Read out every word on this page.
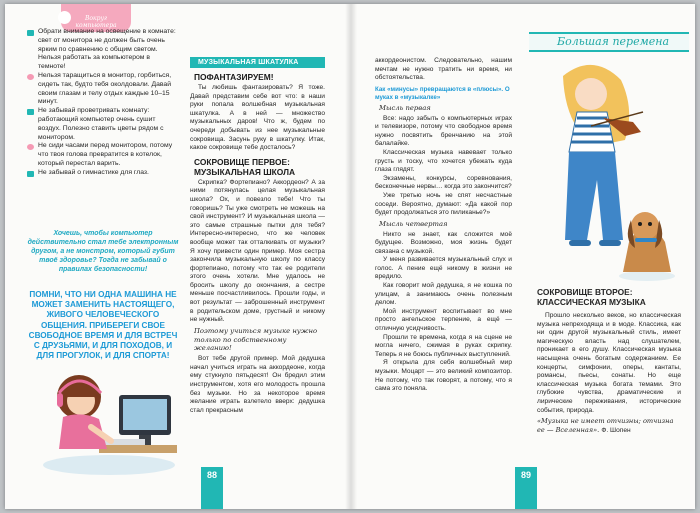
Вокруг компьютера
Обрати внимание на освещение в комнате: свет от монитора не должен быть очень ярким по сравнению с общим светом. Нельзя работать за компьютером в темноте!
Нельзя таращиться в монитор, горбиться, сидеть так, будто тебя околдовали. Давай своим глазам и телу отдых каждые 10–15 минут.
Не забывай проветривать комнату: работающий компьютер очень сушит воздух. Полезно ставить цветы рядом с монитором.
Не сиди часами перед монитором, потому что твоя голова превратится в котелок, который перестал варить.
Не забывай о гимнастике для глаз.
Хочешь, чтобы компьютер действительно стал тебе электронным другом, а не монстром, который губит твоё здоровье? Тогда не забывай о правилах безопасности!
ПОМНИ, ЧТО НИ ОДНА МАШИНА НЕ МОЖЕТ ЗАМЕНИТЬ НАСТОЯЩЕГО, ЖИВОГО ЧЕЛОВЕЧЕСКОГО ОБЩЕНИЯ. ПРИБЕРЕГИ СВОЕ СВОБОДНОЕ ВРЕМЯ И ДЛЯ ВСТРЕЧ С ДРУЗЬЯМИ, И ДЛЯ ПОХОДОВ, И ДЛЯ ПРОГУЛОК, И ДЛЯ СПОРТА!
МУЗЫКАЛЬНАЯ ШКАТУЛКА
ПОФАНТАЗИРУЕМ!
Ты любишь фантазировать? Я тоже. Давай представим себе вот что: в наши руки попала волшебная музыкальная шкатулка. А в ней — множество музыкальных даров! Что ж, будем по очереди добывать из нее музыкальные сокровища. Засунь руку в шкатулку. Итак, какое сокровище тебе досталось?
СОКРОВИЩЕ ПЕРВОЕ: МУЗЫКАЛЬНАЯ ШКОЛА
Скрипка? Фортепиано? Аккордеон? А за ними потянулась целая музыкальная школа? Ох, и повезло тебе! Что ты говоришь? Ты уже смотреть не можешь на свой инструмент? И музыкальная школа — это самые страшные пытки для тебя? Интересно-интересно, что же человек вообще может так отталкивать от музыки? Я хочу привести один пример. Моя сестра закончила музыкальную школу по классу фортепиано, потому что так ее родители этого очень хотели. Мне удалось не бросить школу до окончания, а сестре меньше посчастливилось. Прошли годы, и вот результат — заброшенный инструмент в родительском доме, грустный и никому не нужный.
Поэтому учиться музыке нужно только по собственному желанию!
Вот тебе другой пример. Мой дедушка начал учиться играть на аккордеоне, когда ему стукнуло пятьдесят! Он бредил этим инструментом, хотя его молодость прошла без музыки. Но за некоторое время желание играть взлетело вверх: дедушка стал прекрасным
88
Большая перемена
аккордеонистом. Следовательно, нашим мечтам не нужно тратить ни время, ни обстоятельства.
Как «минусы» превращаются в «плюсы». О муках в «музыкалке»
Мысль первая
Все: надо забыть о компьютерных играх и телевизоре, потому что свободное время нужно посвятить бренчанию на этой балалайке.
Классическая музыка навевает только грусть и тоску, что хочется убежать куда глаза глядят.
Экзамены, конкурсы, соревнования, бесконечные нервы… когда это закончится?
Уже третью ночь не спят несчастные соседи. Вероятно, думают: «Да какой пор будет продолжаться это пиликанье?»
Мысль четвертая
Никто не знает, как сложится моё будущее. Возможно, моя жизнь будет связана с музыкой.
У меня развивается музыкальный слух и голос. А пение ещё никому в жизни не вредило.
Как говорит мой дедушка, я не кошка по улицам, а занимаюсь очень полезным делом.
Мой инструмент воспитывает во мне просто ангельское терпение, а ещё — отличную усидчивость.
Прошли те времена, когда я на сцене не могла ничего, сжимая в руках скрипку. Теперь я не боюсь публичных выступлений.
Я открыла для себя волшебный мир музыки. Моцарт — это великий композитор. Не потому, что так говорят, а потому, что я сама это поняла.
СОКРОВИЩЕ ВТОРОЕ: КЛАССИЧЕСКАЯ МУЗЫКА
Прошло несколько веков, но классическая музыка непреходяща и в моде. Классика, как ни один другой музыкальный стиль, имеет магическую власть над слушателем, проникает в его душу. Классическая музыка насыщена очень богатым содержанием. Ее концерты, симфонии, оперы, кантаты, романсы, пьесы, сонаты. Но еще классическая музыка богата темами. Это глубокие чувства, драматические и лирические переживания, исторические события, природа.
«Музыка не имеет отчизны; отчизна ее — Вселенная». Ф. Шопен
89
